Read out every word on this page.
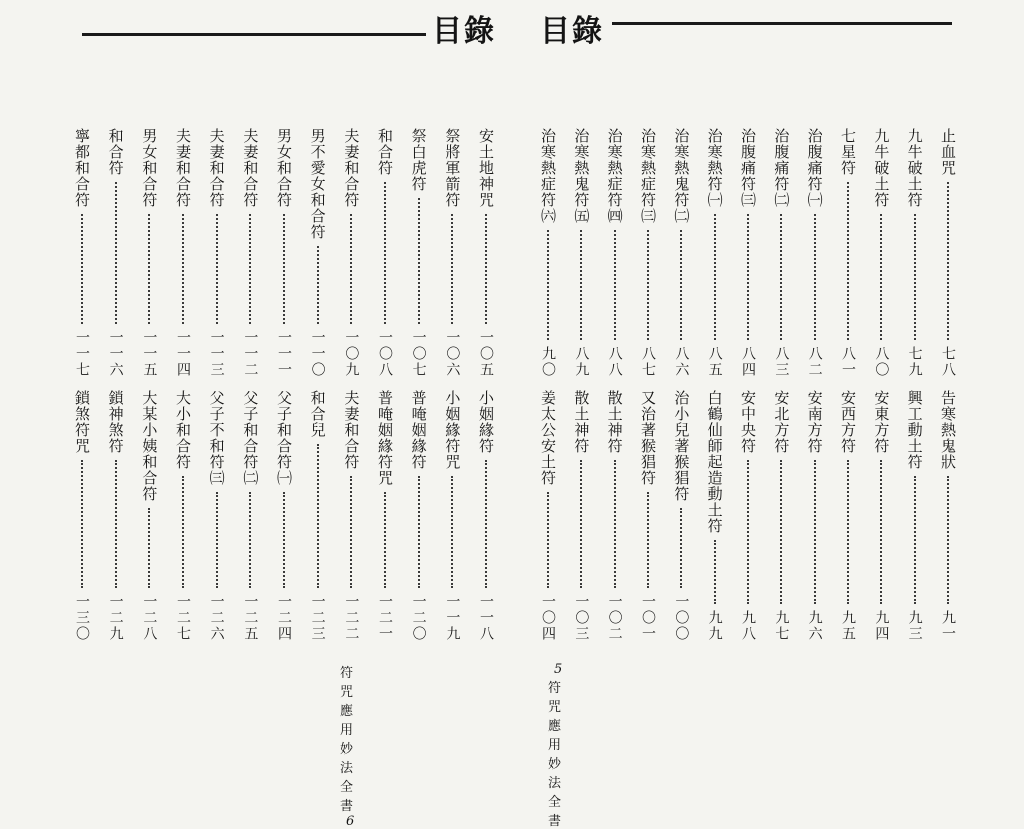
目錄 目錄
止血咒
七八
九牛破土符
七九
九牛破土符
八〇
七星符
八一
治腹痛符㈠
八二
治腹痛符㈡
八三
治腹痛符㈢
八四
治寒熱符㈠
八五
治寒熱鬼符㈡
八六
治寒熱症符㈢
八七
治寒熱症符㈣
八八
治寒熱鬼符㈤
八九
治寒熱症符㈥
九〇
告寒熱鬼狀
九一
興工動土符
九三
安東方符
九四
安西方符
九五
安南方符
九六
安北方符
九七
安中央符
九八
白鶴仙師起造動土符
九九
治小兒著猴猖符
一〇〇
又治著猴猖符
一〇一
散土神符
一〇二
散土神符
一〇三
姜太公安土符
一〇四
5 符咒應用妙法全書
安土地神咒
一〇五
祭將軍箭符
一〇六
祭白虎符
一〇七
和合符
一〇八
夫妻和合符
一〇九
男不愛女和合符
一一〇
男女和合符
一一一
夫妻和合符
一一二
夫妻和合符
一一三
夫妻和合符
一一四
男女和合符
一一五
和合符
一一六
寧都和合符
一一七
小姻緣符
一一八
小姻緣符咒
一一九
普唵姻緣符
一二〇
普唵姻緣符咒
一二一
夫妻和合符
一二二
和合兒
一二三
父子和合符㈠
一二四
父子和合符㈡
一二五
父子不和符㈢
一二六
大小和合符
一二七
大某小姨和合符
一二八
鎖神煞符
一二九
鎖煞符咒
一三〇
符咒應用妙法全書 6
